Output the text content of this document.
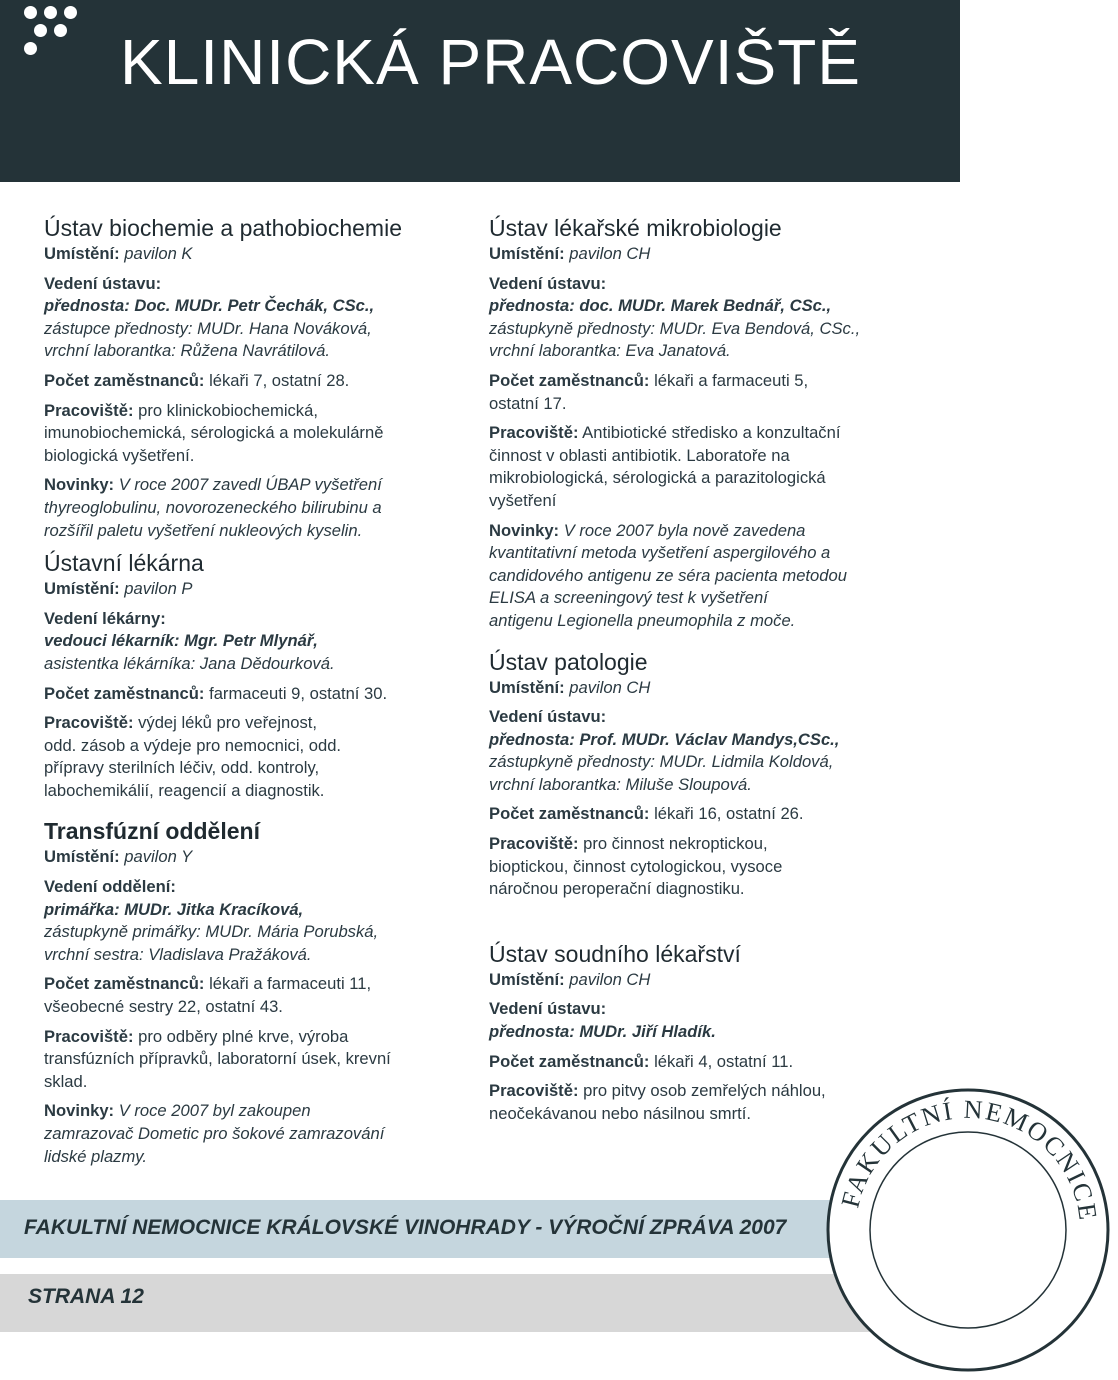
KLINICKÁ PRACOVIŠTĚ

Ústav biochemie a pathobiochemie

Umístění: pavilon K

Vedení ústavu:

přednosta: Doc. MUDr. Petr Čechák, CSc.,

zástupce přednosty: MUDr. Hana Nováková,

vrchní laborantka: Růžena Navrátilová.

Počet zaměstnanců: lékaři 7, ostatní 28.

Pracoviště: pro klinickobiochemická,

imunobiochemická, sérologická a molekulárně

biologická vyšetření.

Novinky: V roce 2007 zavedl ÚBAP vyšetření

thyreoglobulinu, novorozeneckého bilirubinu a

rozšířil paletu vyšetření nukleových kyselin.

Ústavní lékárna

Umístění: pavilon P

Vedení lékárny:

vedouci lékarník: Mgr. Petr Mlynář,

asistentka lékárníka: Jana Dědourková.

Počet zaměstnanců: farmaceuti 9, ostatní 30.

Pracoviště: výdej léků pro veřejnost,

odd. zásob a výdeje pro nemocnici, odd.

přípravy sterilních léčiv, odd. kontroly,

labochemikálií, reagencií a diagnostik.

Transfúzní oddělení

Umístění: pavilon Y

Vedení oddělení:

primářka: MUDr. Jitka Kracíková,

zástupkyně primářky: MUDr. Mária Porubská,

vrchní sestra: Vladislava Pražáková.

Počet zaměstnanců: lékaři a farmaceuti 11,

všeobecné sestry 22, ostatní 43.

Pracoviště: pro odběry plné krve, výroba

transfúzních přípravků, laboratorní úsek, krevní

sklad.

Novinky: V roce 2007 byl zakoupen

zamrazovač Dometic pro šokové zamrazování

lidské plazmy.

Ústav lékařské mikrobiologie

Umístění: pavilon CH

Vedení ústavu:

přednosta: doc. MUDr. Marek Bednář, CSc.,

zástupkyně přednosty: MUDr. Eva Bendová, CSc.,

vrchní laborantka: Eva Janatová.

Počet zaměstnanců: lékaři a farmaceuti 5,

ostatní 17.

Pracoviště: Antibiotické středisko a konzultační

činnost v oblasti antibiotik. Laboratoře na

mikrobiologická, sérologická a parazitologická

vyšetření

Novinky: V roce 2007 byla nově zavedena

kvantitativní metoda vyšetření aspergilového a

candidového antigenu ze séra pacienta metodou

ELISA a screeningový test k vyšetření

antigenu Legionella pneumophila z moče.

Ústav patologie

Umístění: pavilon CH

Vedení ústavu:

přednosta: Prof. MUDr. Václav Mandys,CSc.,

zástupkyně přednosty: MUDr. Lidmila Koldová,

vrchní laborantka: Miluše Sloupová.

Počet zaměstnanců: lékaři 16, ostatní 26.

Pracoviště: pro činnost nekroptickou,

bioptickou, činnost cytologickou, vysoce

náročnou peroperační diagnostiku.

Ústav soudního lékařství

Umístění: pavilon CH

Vedení ústavu:

přednosta: MUDr. Jiří Hladík.

Počet zaměstnanců: lékaři 4, ostatní 11.

Pracoviště: pro pitvy osob zemřelých náhlou,

neočekávanou nebo násilnou smrtí.

FAKULTNÍ NEMOCNICE KRÁLOVSKÉ VINOHRADY - VÝROČNÍ ZPRÁVA 2007
STRANA 12
FAKULTNÍ NEMOCNICE
